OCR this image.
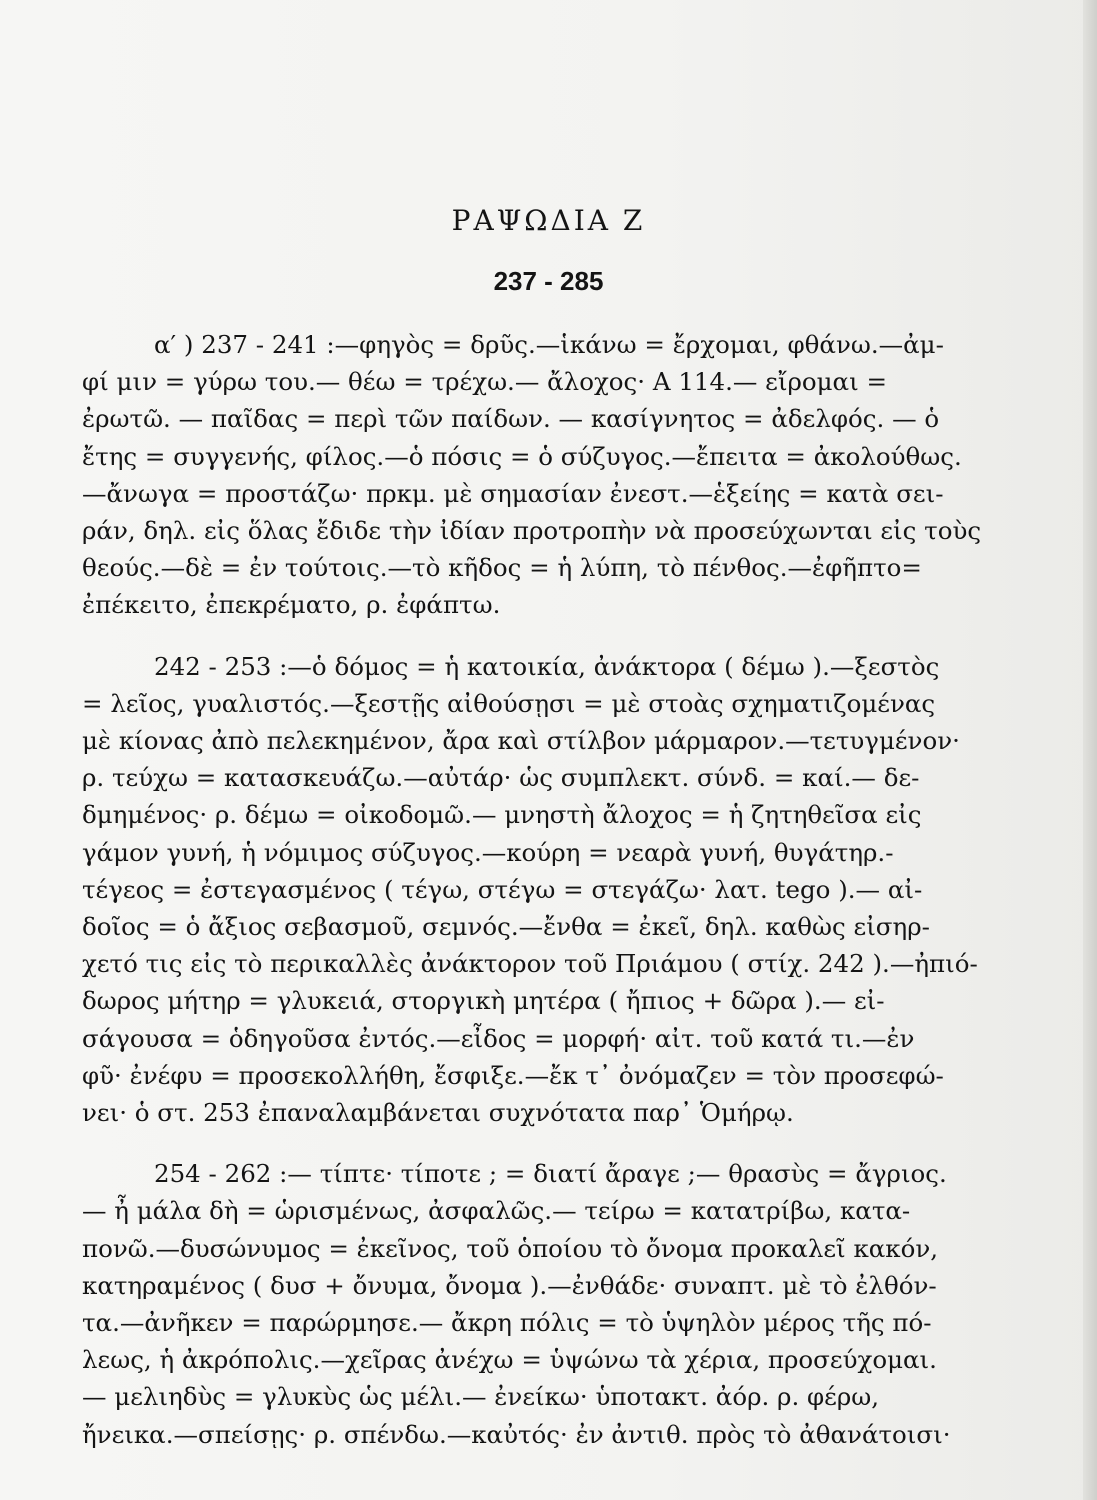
ΡΑΨΩΔΙΑ Ζ
237 - 285

α′ ) 237 - 241 :—φηγὸς = δρῦς.—ἱκάνω = ἔρχομαι, φθάνω.—ἀμ-
φί μιν = γύρω του.— θέω = τρέχω.— ἄλοχος· Α 114.— εἴρομαι =
ἐρωτῶ. — παῖδας = περὶ τῶν παίδων. — κασίγνητος = ἀδελφός. — ὁ
ἔτης = συγγενής, φίλος.—ὁ πόσις = ὁ σύζυγος.—ἔπειτα = ἀκολούθως.
—ἄνωγα = προστάζω· πρκμ. μὲ σημασίαν ἐνεστ.—ἑξείης = κατὰ σει-
ράν, δηλ. εἰς ὅλας ἔδιδε τὴν ἰδίαν προτροπὴν νὰ προσεύχωνται εἰς τοὺς
θεούς.—δὲ = ἐν τούτοις.—τὸ κῆδος = ἡ λύπη, τὸ πένθος.—ἐφῆπτο=
ἐπέκειτο, ἐπεκρέματο, ρ. ἐφάπτω.

242 - 253 :—ὁ δόμος = ἡ κατοικία, ἀνάκτορα ( δέμω ).—ξεστὸς
= λεῖος, γυαλιστός.—ξεστῇς αἰθούσῃσι = μὲ στοὰς σχηματιζομένας
μὲ κίονας ἀπὸ πελεκημένον, ἄρα καὶ στίλβον μάρμαρον.—τετυγμένον·
ρ. τεύχω = κατασκευάζω.—αὐτάρ· ὡς συμπλεκτ. σύνδ. = καί.— δε-
δμημένος· ρ. δέμω = οἰκοδομῶ.— μνηστὴ ἄλοχος = ἡ ζητηθεῖσα εἰς
γάμον γυνή, ἡ νόμιμος σύζυγος.—κούρη = νεαρὰ γυνή, θυγάτηρ.-
τέγεος = ἐστεγασμένος ( τέγω, στέγω = στεγάζω· λατ. tego ).— αἰ-
δοῖος = ὁ ἄξιος σεβασμοῦ, σεμνός.—ἔνθα = ἐκεῖ, δηλ. καθὼς εἰσηρ-
χετό τις εἰς τὸ περικαλλὲς ἀνάκτορον τοῦ Πριάμου ( στίχ. 242 ).—ἠπιό-
δωρος μήτηρ = γλυκειά, στοργικὴ μητέρα ( ἤπιος + δῶρα ).— εἰ-
σάγουσα = ὁδηγοῦσα ἐντός.—εἶδος = μορφή· αἰτ. τοῦ κατά τι.—ἐν
φῦ· ἐνέφυ = προσεκολλήθη, ἔσφιξε.—ἔκ τ᾿ ὀνόμαζεν = τὸν προσεφώ-
νει· ὁ στ. 253 ἐπαναλαμβάνεται συχνότατα παρ᾿ Ὁμήρῳ.

254 - 262 :— τίπτε· τίποτε ; = διατί ἄραγε ;— θρασὺς = ἄγριος.
— ἦ μάλα δὴ = ὡρισμένως, ἀσφαλῶς.— τείρω = κατατρίβω, κατα-
πονῶ.—δυσώνυμος = ἐκεῖνος, τοῦ ὁποίου τὸ ὄνομα προκαλεῖ κακόν,
κατηραμένος ( δυσ + ὄνυμα, ὄνομα ).—ἐνθάδε· συναπτ. μὲ τὸ ἐλθόν-
τα.—ἀνῆκεν = παρώρμησε.— ἄκρη πόλις = τὸ ὑψηλὸν μέρος τῆς πό-
λεως, ἡ ἀκρόπολις.—χεῖρας ἀνέχω = ὑψώνω τὰ χέρια, προσεύχομαι.
— μελιηδὺς = γλυκὺς ὡς μέλι.— ἐνείκω· ὑποτακτ. ἀόρ. ρ. φέρω,
ἤνεικα.—σπείσῃς· ρ. σπένδω.—καὐτός· ἐν ἀντιθ. πρὸς τὸ ἀθανάτοισι·
